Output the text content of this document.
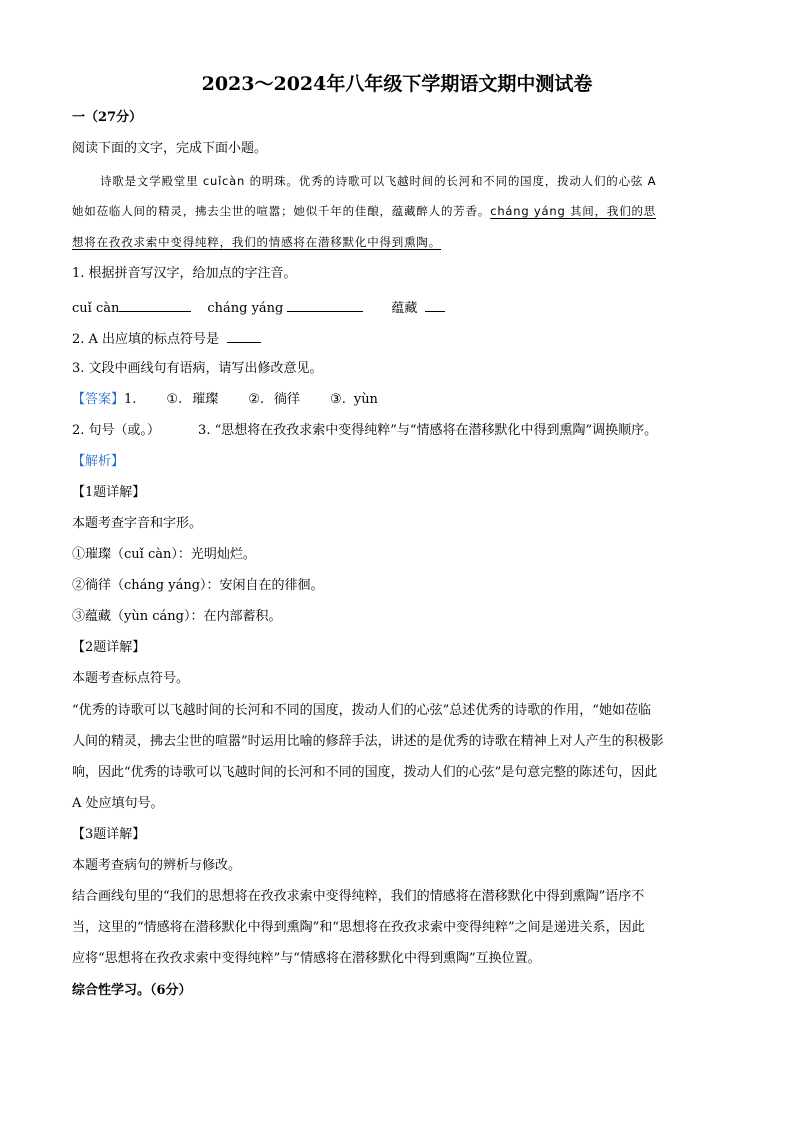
2023～2024年八年级下学期语文期中测试卷
一（27分）
阅读下面的文字，完成下面小题。
诗歌是文学殿堂里 cuǐcàn 的明珠。优秀的诗歌可以飞越时间的长河和不同的国度，拨动人们的心弦 A
她如莅临人间的精灵，拂去尘世的喧嚣；她似千年的佳酿，蕴藏醉人的芳香。cháng yáng 其间，我们的思
想将在孜孜求索中变得纯粹，我们的情感将在潜移默化中得到熏陶。
1. 根据拼音写汉字，给加点的字注音。
cuǐ càn	cháng yáng	蕴藏
2. A 出应填的标点符号是
3. 文段中画线句有语病，请写出修改意见。
【答案】1. ①. 璀璨 ②. 徜徉 ③. yùn
2. 句号（或。）	3. “思想将在孜孜求索中变得纯粹”与“情感将在潜移默化中得到熏陶”调换顺序。
【解析】
【1题详解】
本题考查字音和字形。
①璀璨（cuǐ càn）：光明灿烂。
②徜徉（cháng yáng）：安闲自在的徘徊。
③蕴藏（yùn cáng）：在内部蓄积。
【2题详解】
本题考查标点符号。
“优秀的诗歌可以飞越时间的长河和不同的国度，拨动人们的心弦”总述优秀的诗歌的作用，“她如莅临
人间的精灵，拂去尘世的喧嚣”时运用比喻的修辞手法，讲述的是优秀的诗歌在精神上对人产生的积极影
响，因此“优秀的诗歌可以飞越时间的长河和不同的国度，拨动人们的心弦”是句意完整的陈述句，因此
A 处应填句号。
【3题详解】
本题考查病句的辨析与修改。
结合画线句里的“我们的思想将在孜孜求索中变得纯粹，我们的情感将在潜移默化中得到熏陶”语序不
当，这里的“情感将在潜移默化中得到熏陶”和“思想将在孜孜求索中变得纯粹”之间是递进关系，因此
应将“思想将在孜孜求索中变得纯粹”与“情感将在潜移默化中得到熏陶”互换位置。
综合性学习。（6分）
